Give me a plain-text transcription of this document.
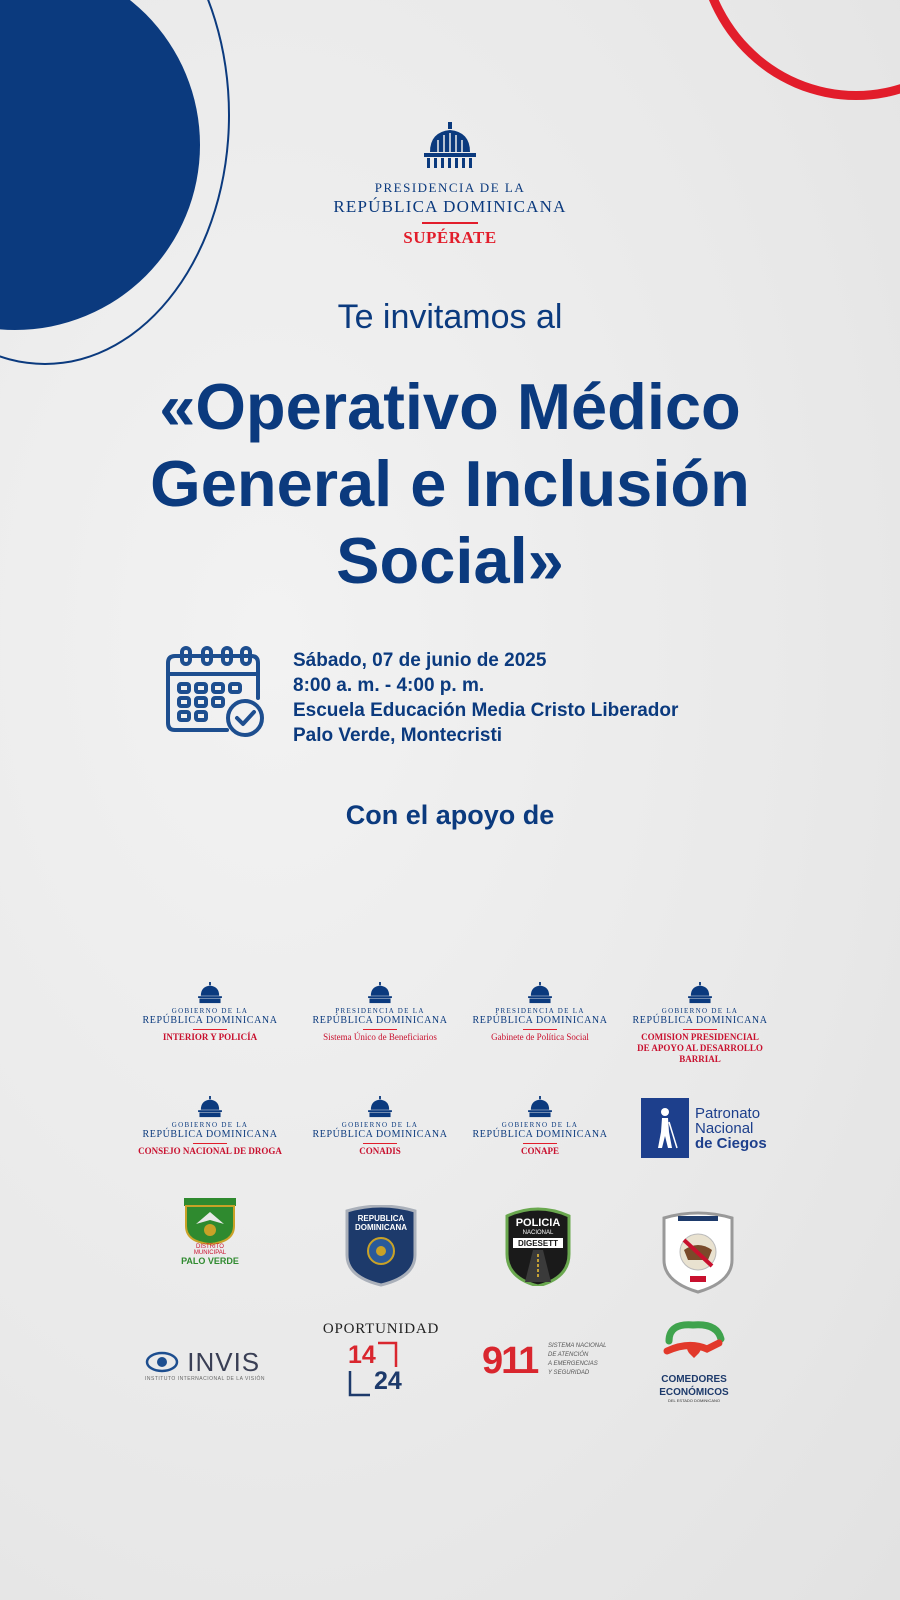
PRESIDENCIA DE LA
REPÚBLICA DOMINICANA
SUPÉRATE
Te invitamos al
«Operativo Médico
General e Inclusión
Social»
Sábado, 07 de junio de 2025
8:00 a. m. - 4:00 p. m.
Escuela Educación Media Cristo Liberador
Palo Verde, Montecristi
Con el apoyo de
GOBIERNO DE LA
REPÚBLICA DOMINICANA
INTERIOR Y POLICÍA
PRESIDENCIA DE LA
REPÚBLICA DOMINICANA
Sistema Único de Beneficiarios
PRESIDENCIA DE LA
REPÚBLICA DOMINICANA
Gabinete de Política Social
GOBIERNO DE LA
REPÚBLICA DOMINICANA
COMISION PRESIDENCIAL
DE APOYO AL DESARROLLO
BARRIAL
GOBIERNO DE LA
REPÚBLICA DOMINICANA
CONSEJO NACIONAL DE DROGA
GOBIERNO DE LA
REPÚBLICA DOMINICANA
CONADIS
GOBIERNO DE LA
REPÚBLICA DOMINICANA
CONAPE
Patronato
Nacional
de Ciegos
DISTRITO MUNICIPAL
PALO VERDE
REPUBLICA
DOMINICANA	POLICIA
NACIONAL
DIGESETT
INVIS
INSTITUTO INTERNACIONAL DE LA VISIÓN
OPORTUNIDAD
14
24 911 SISTEMA NACIONAL
DE ATENCIÓN
A EMERGENCIAS
Y SEGURIDAD
COMEDORES
ECONÓMICOS
DEL ESTADO DOMINICANO
